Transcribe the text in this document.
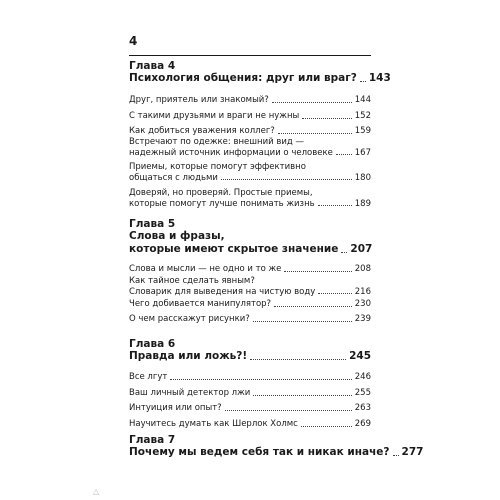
4
Глава 4
Психология общения: друг или враг? 143
Друг, приятель или знакомый?	144
С такими друзьями и враги не нужны	152
Как добиться уважения коллег?	159
Встречают по одежке: внешний вид —
надежный источник информации о человеке	167
Приемы, которые помогут эффективно
общаться с людьми	180
Доверяй, но проверяй. Простые приемы,
которые помогут лучше понимать жизнь	189
Глава 5
Слова и фразы,
которые имеют скрытое значение 207
Слова и мысли — не одно и то же	208
Как тайное сделать явным?
Словарик для выведения на чистую воду	216
Чего добивается манипулятор?	230
О чем расскажут рисунки?	239
Глава 6
Правда или ложь?!	245
Все лгут	246
Ваш личный детектор лжи	255
Интуиция или опыт?	263
Научитесь думать как Шерлок Холмс	269
Глава 7
Почему мы ведем себя так и никак иначе? 277
△
